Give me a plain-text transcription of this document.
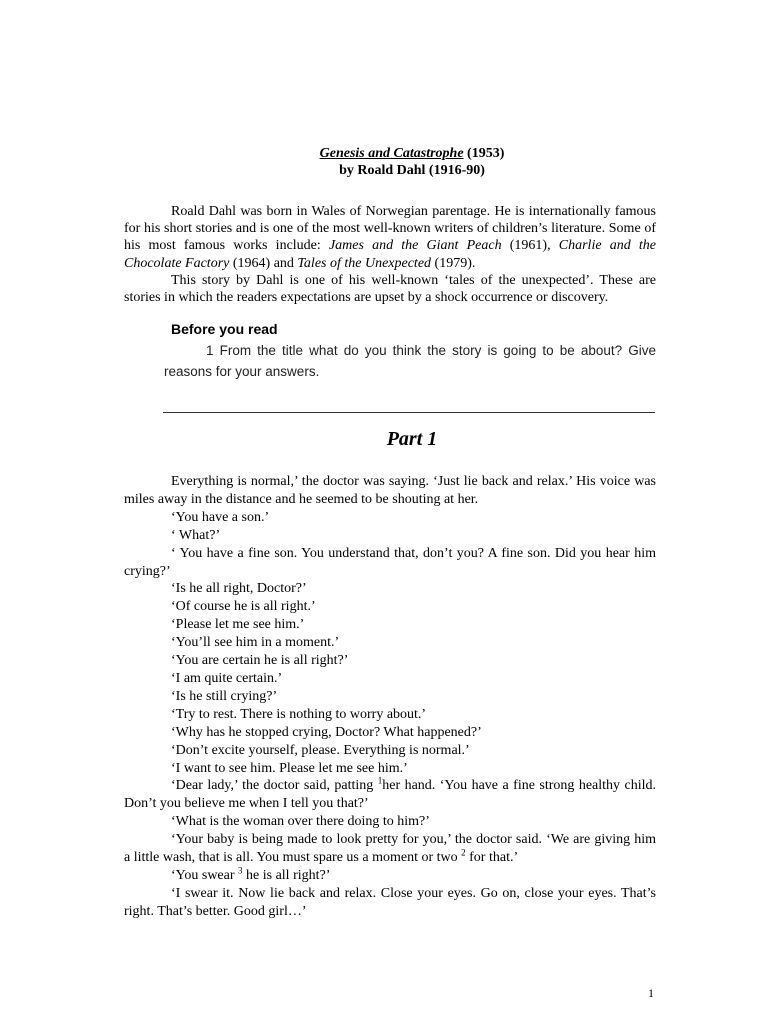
Genesis and Catastrophe (1953)
by Roald Dahl (1916-90)

Roald Dahl was born in Wales of Norwegian parentage. He is internationally famous for his short stories and is one of the most well-known writers of children’s literature. Some of his most famous works include: James and the Giant Peach (1961), Charlie and the Chocolate Factory (1964) and Tales of the Unexpected (1979).

This story by Dahl is one of his well-known ‘tales of the unexpected’. These are stories in which the readers expectations are upset by a shock occurrence or discovery.

Before you read
1 From the title what do you think the story is going to be about? Give reasons for your answers.
Part 1
Everything is normal,’ the doctor was saying. ‘Just lie back and relax.’ His voice was miles away in the distance and he seemed to be shouting at her.
‘You have a son.’
‘ What?’
‘ You have a fine son. You understand that, don’t you? A fine son. Did you hear him crying?’
‘Is he all right, Doctor?’
‘Of course he is all right.’
‘Please let me see him.’
‘You’ll see him in a moment.’
‘You are certain he is all right?’
‘I am quite certain.’
‘Is he still crying?’
‘Try to rest. There is nothing to worry about.’
‘Why has he stopped crying, Doctor? What happened?’
‘Don’t excite yourself, please. Everything is normal.’
‘I want to see him. Please let me see him.’
‘Dear lady,’ the doctor said, patting $^1$her hand. ‘You have a fine strong healthy child. Don’t you believe me when I tell you that?’
‘What is the woman over there doing to him?’
‘Your baby is being made to look pretty for you,’ the doctor said. ‘We are giving him a little wash, that is all. You must spare us a moment or two $^2$ for that.’
‘You swear $^3$ he is all right?’
‘I swear it. Now lie back and relax. Close your eyes. Go on, close your eyes. That’s right. That’s better. Good girl…’
1
